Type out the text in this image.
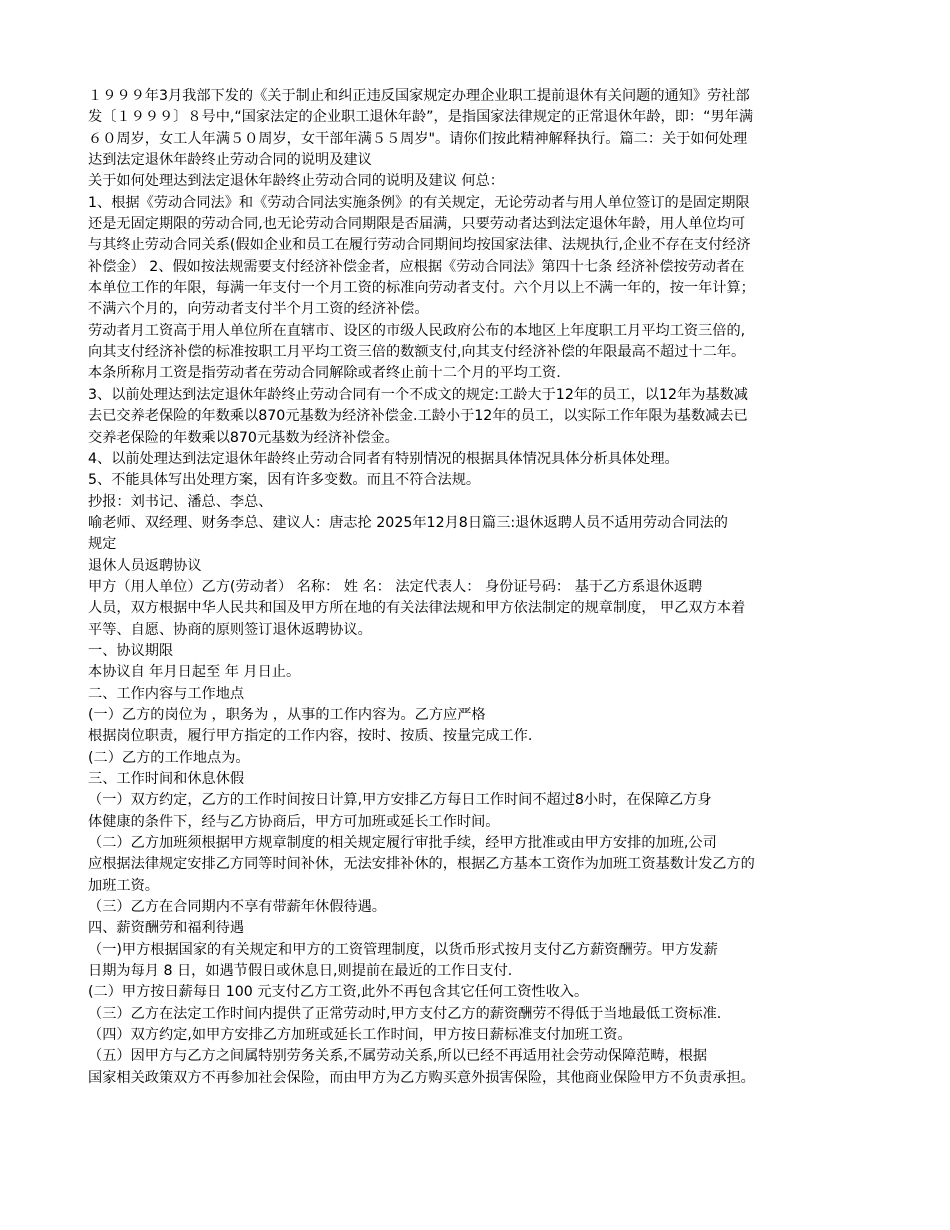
１９９９年3月我部下发的《关于制止和纠正违反国家规定办理企业职工提前退休有关问题的通知》劳社部
发〔１９９９〕８号中,“国家法定的企业职工退休年龄”，是指国家法律规定的正常退休年龄，即：“男年满
６０周岁，女工人年满５０周岁，女干部年满５５周岁"。请你们按此精神解释执行。篇二：关于如何处理
达到法定退休年龄终止劳动合同的说明及建议
关于如何处理达到法定退休年龄终止劳动合同的说明及建议 何总：
1、根据《劳动合同法》和《劳动合同法实施条例》的有关规定，无论劳动者与用人单位签订的是固定期限
还是无固定期限的劳动合同,也无论劳动合同期限是否届满，只要劳动者达到法定退休年龄，用人单位均可
与其终止劳动合同关系(假如企业和员工在履行劳动合同期间均按国家法律、法规执行,企业不存在支付经济
补偿金） 2、假如按法规需要支付经济补偿金者，应根据《劳动合同法》第四十七条 经济补偿按劳动者在
本单位工作的年限，每满一年支付一个月工资的标准向劳动者支付。六个月以上不满一年的，按一年计算；
不满六个月的，向劳动者支付半个月工资的经济补偿。
劳动者月工资高于用人单位所在直辖市、设区的市级人民政府公布的本地区上年度职工月平均工资三倍的,
向其支付经济补偿的标准按职工月平均工资三倍的数额支付,向其支付经济补偿的年限最高不超过十二年。
本条所称月工资是指劳动者在劳动合同解除或者终止前十二个月的平均工资.
3、以前处理达到法定退休年龄终止劳动合同有一个不成文的规定:工龄大于12年的员工，以12年为基数减
去已交养老保险的年数乘以870元基数为经济补偿金.工龄小于12年的员工，以实际工作年限为基数减去已
交养老保险的年数乘以870元基数为经济补偿金。
4、以前处理达到法定退休年龄终止劳动合同者有特别情况的根据具体情况具体分析具体处理。
5、不能具体写出处理方案，因有许多变数。而且不符合法规。
抄报：刘书记、潘总、李总、
喻老师、双经理、财务李总、建议人：唐志抡 2025年12月8日篇三:退休返聘人员不适用劳动合同法的
规定
退休人员返聘协议
甲方（用人单位）乙方(劳动者） 名称： 姓 名： 法定代表人： 身份证号码： 基于乙方系退休返聘
人员，双方根据中华人民共和国及甲方所在地的有关法律法规和甲方依法制定的规章制度， 甲乙双方本着
平等、自愿、协商的原则签订退休返聘协议。
一、协议期限
本协议自 年月日起至 年 月日止。
二、工作内容与工作地点
(一）乙方的岗位为 ，职务为 ，从事的工作内容为。乙方应严格
根据岗位职责，履行甲方指定的工作内容，按时、按质、按量完成工作.
(二）乙方的工作地点为。
三、工作时间和休息休假
（一）双方约定，乙方的工作时间按日计算,甲方安排乙方每日工作时间不超过8小时，在保障乙方身
体健康的条件下，经与乙方协商后，甲方可加班或延长工作时间。
（二）乙方加班须根据甲方规章制度的相关规定履行审批手续，经甲方批准或由甲方安排的加班,公司
应根据法律规定安排乙方同等时间补休，无法安排补休的，根据乙方基本工资作为加班工资基数计发乙方的
加班工资。
（三）乙方在合同期内不享有带薪年休假待遇。
四、薪资酬劳和福利待遇
（一)甲方根据国家的有关规定和甲方的工资管理制度，以货币形式按月支付乙方薪资酬劳。甲方发薪
日期为每月 8 日，如遇节假日或休息日,则提前在最近的工作日支付.
(二）甲方按日薪每日 100 元支付乙方工资,此外不再包含其它任何工资性收入。
（三）乙方在法定工作时间内提供了正常劳动时,甲方支付乙方的薪资酬劳不得低于当地最低工资标准.
（四）双方约定,如甲方安排乙方加班或延长工作时间，甲方按日薪标准支付加班工资。
（五）因甲方与乙方之间属特别劳务关系,不属劳动关系,所以已经不再适用社会劳动保障范畴，根据
国家相关政策双方不再参加社会保险，而由甲方为乙方购买意外损害保险，其他商业保险甲方不负责承担。
